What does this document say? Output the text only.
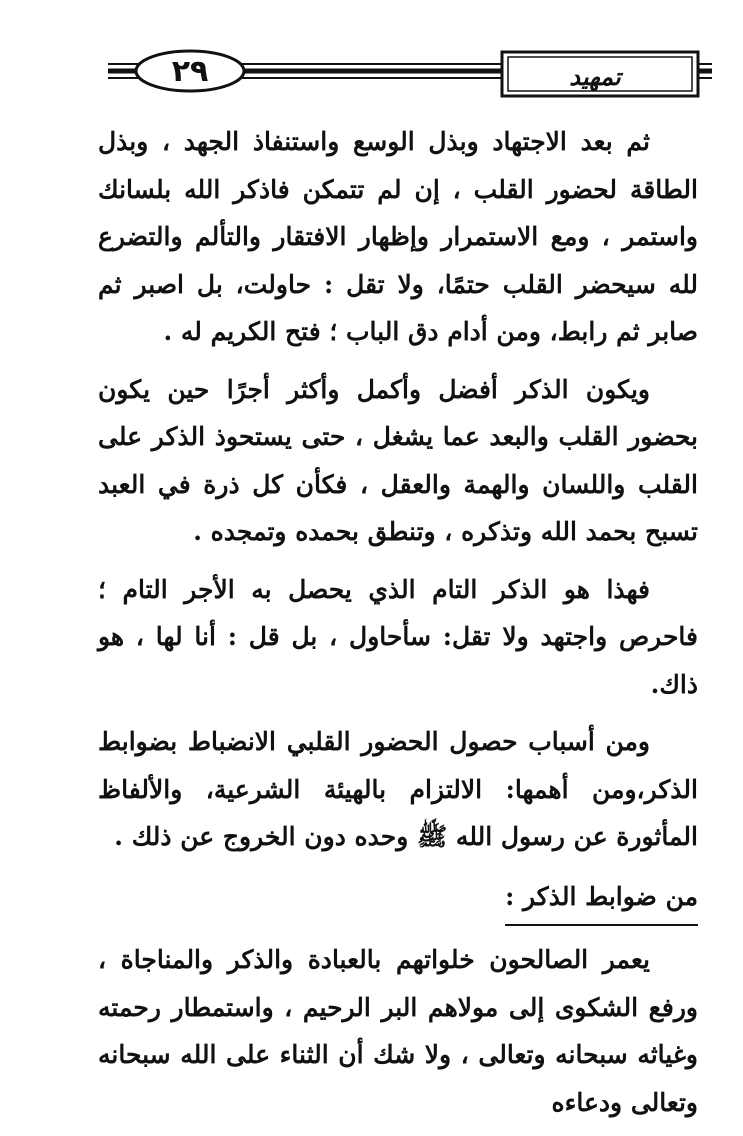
٢٩	تمهيد

ثم بعد الاجتهاد وبذل الوسع واستنفاذ الجهد ، وبذل الطاقة لحضور القلب ، إن لم تتمكن فاذكر الله بلسانك واستمر ، ومع الاستمرار وإظهار الافتقار والتألم والتضرع لله سيحضر القلب حتمًا، ولا تقل : حاولت، بل اصبر ثم صابر ثم رابط، ومن أدام دق الباب ؛ فتح الكريم له .

ويكون الذكر أفضل وأكمل وأكثر أجرًا حين يكون بحضور القلب والبعد عما يشغل ، حتى يستحوذ الذكر على القلب واللسان والهمة والعقل ، فكأن كل ذرة في العبد تسبح بحمد الله وتذكره ، وتنطق بحمده وتمجده .

فهذا هو الذكر التام الذي يحصل به الأجر التام ؛ فاحرص واجتهد ولا تقل: سأحاول ، بل قل : أنا لها ، هو ذاك.

ومن أسباب حصول الحضور القلبي الانضباط بضوابط الذكر،ومن أهمها: الالتزام بالهيئة الشرعية، والألفاظ المأثورة عن رسول الله ﷺ وحده دون الخروج عن ذلك .

من ضوابط الذكر :

يعمر الصالحون خلواتهم بالعبادة والذكر والمناجاة ، ورفع الشكوى إلى مولاهم البر الرحيم ، واستمطار رحمته وغياثه سبحانه وتعالى ، ولا شك أن الثناء على الله سبحانه وتعالى ودعاءه
